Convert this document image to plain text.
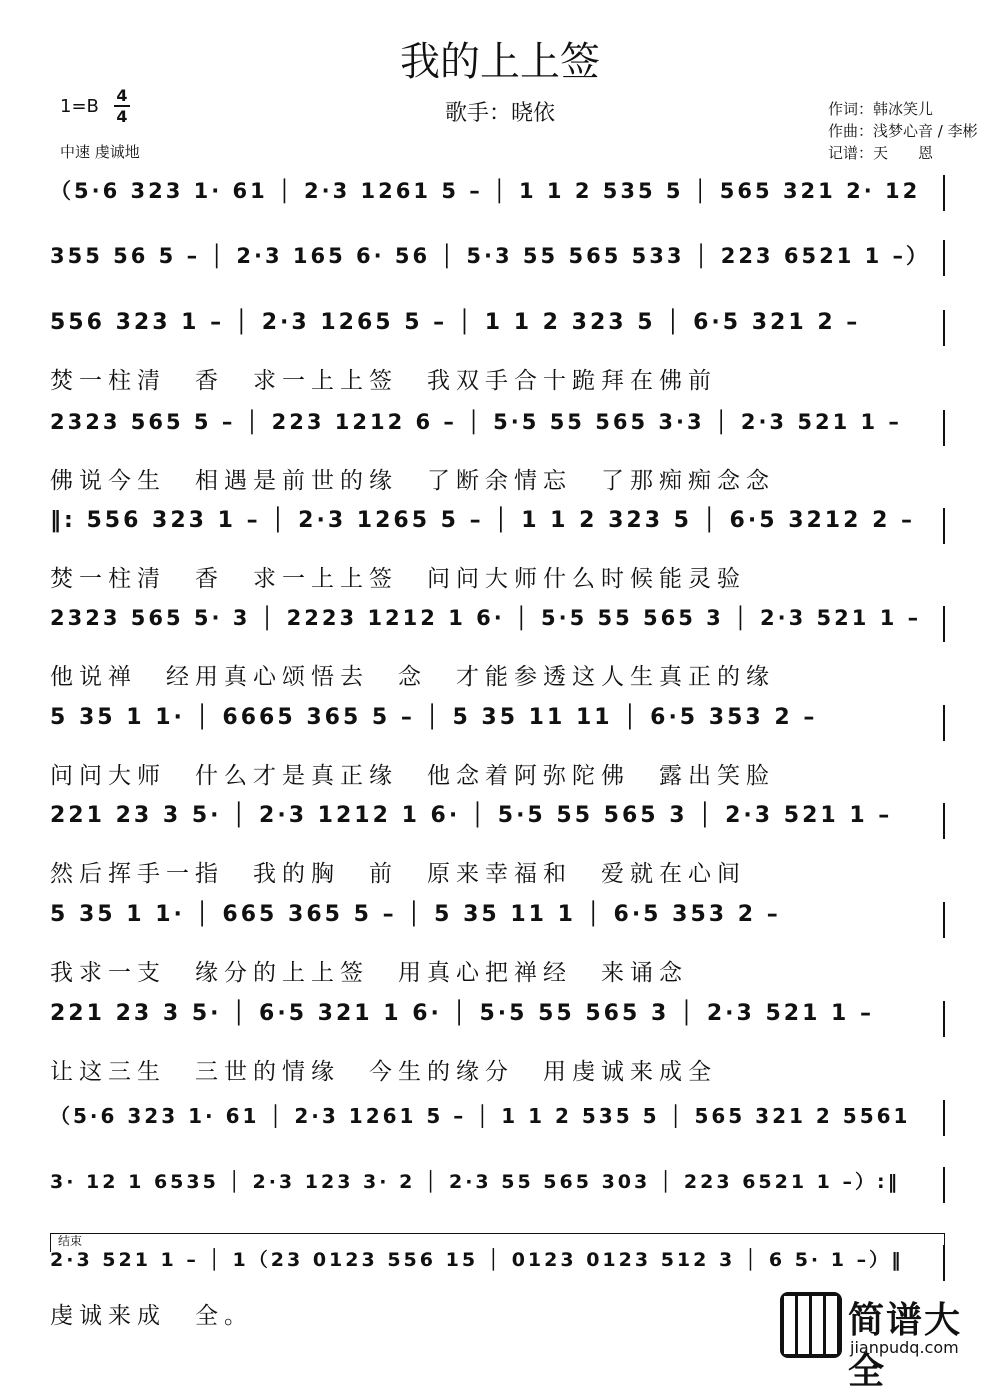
我的上上签
歌手：晓依
1=B
4
4
中速 虔诚地
作词：韩冰笑儿
作曲：浅梦心音 / 李彬
记谱：天　　恩
（5·6 323 1· 61 │ 2·3 1261 5 – │ 1 1 2 535 5 │ 565 321 2· 12
355 56 5 – │ 2·3 165 6· 56 │ 5·3 55 565 533 │ 223 6521 1 –）
556 323 1 – │ 2·3 1265 5 – │ 1 1 2 323 5 │ 6·5 321 2 –
焚一柱清　香　求一上上签　我双手合十跪拜在佛前
2323 565 5 – │ 223 1212 6 – │ 5·5 55 565 3·3 │ 2·3 521 1 –
佛说今生　相遇是前世的缘　了断余情忘　了那痴痴念念
‖: 556 323 1 – │ 2·3 1265 5 – │ 1 1 2 323 5 │ 6·5 3212 2 –
焚一柱清　香　求一上上签　问问大师什么时候能灵验
2323 565 5· 3 │ 2223 1212 1 6· │ 5·5 55 565 3 │ 2·3 521 1 –
他说禅　经用真心颂悟去　念　才能参透这人生真正的缘
5 35 1 1· │ 6665 365 5 – │ 5 35 11 11 │ 6·5 353 2 –
问问大师　什么才是真正缘　他念着阿弥陀佛　露出笑脸
221 23 3 5· │ 2·3 1212 1 6· │ 5·5 55 565 3 │ 2·3 521 1 –
然后挥手一指　我的胸　前　原来幸福和　爱就在心间
5 35 1 1· │ 665 365 5 – │ 5 35 11 1 │ 6·5 353 2 –
我求一支　缘分的上上签　用真心把禅经　来诵念
221 23 3 5· │ 6·5 321 1 6· │ 5·5 55 565 3 │ 2·3 521 1 –
让这三生　三世的情缘　今生的缘分　用虔诚来成全
（5·6 323 1· 61 │ 2·3 1261 5 – │ 1 1 2 535 5 │ 565 321 2 5561
3· 12 1 6535 │ 2·3 123 3· 2 │ 2·3 55 565 303 │ 223 6521 1 –）:‖
2·3 521 1 – │ 1（23 0123 556 15 │ 0123 0123 512 3 │ 6 5· 1 –）‖
虔诚来成　全。
结束
简谱大全
jianpudq.com
